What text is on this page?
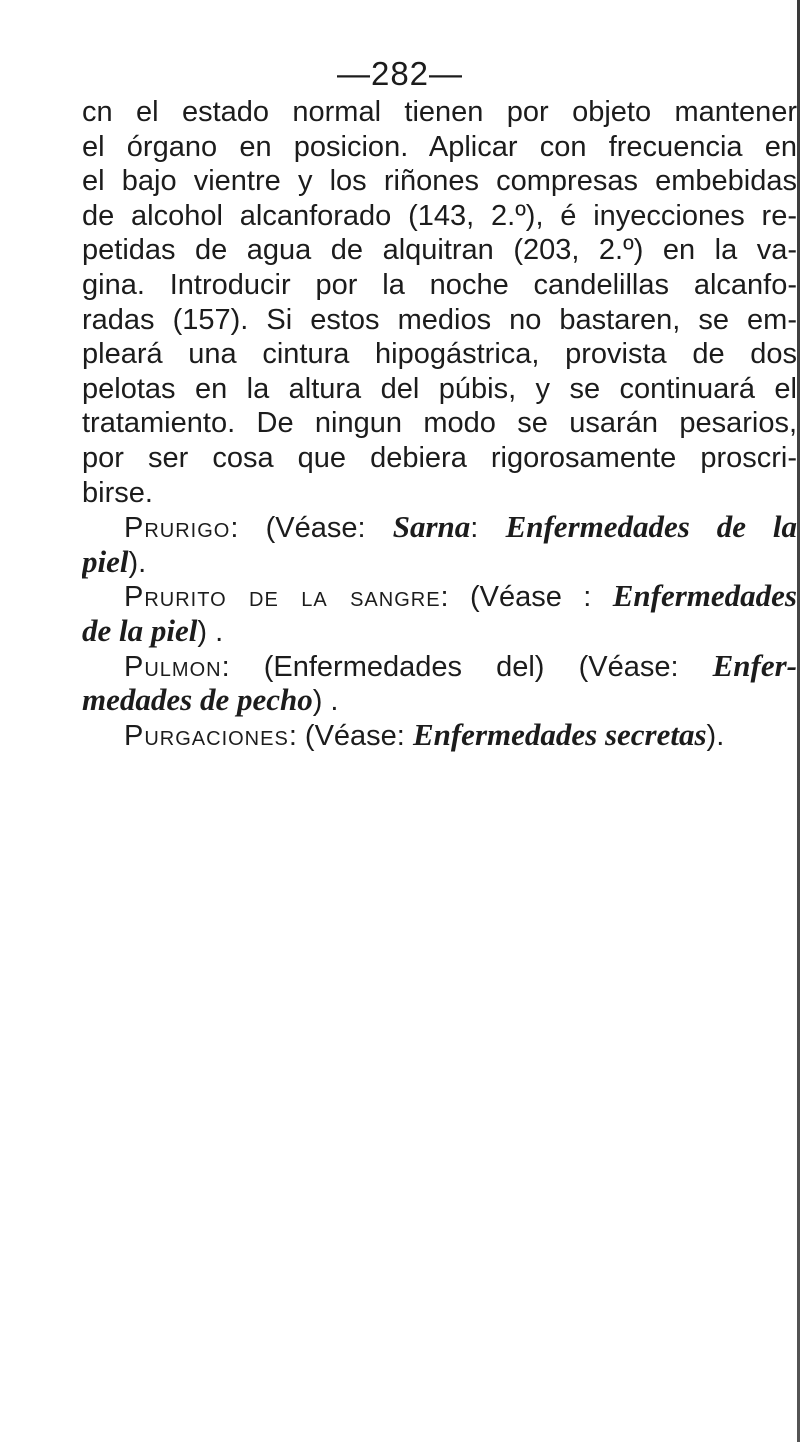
—282—
cn el estado normal tienen por objeto mantener
el órgano en posicion. Aplicar con frecuencia en
el bajo vientre y los riñones compresas embebidas
de alcohol alcanforado (143, 2.º), é inyecciones re-
petidas de agua de alquitran (203, 2.º) en la va-
gina. Introducir por la noche candelillas alcanfo-
radas (157). Si estos medios no bastaren, se em-
pleará una cintura hipogástrica, provista de dos
pelotas en la altura del púbis, y se continuará el
tratamiento. De ningun modo se usarán pesarios,
por ser cosa que debiera rigorosamente proscri-
birse.
Prurigo: (Véase: Sarna: Enfermedades de la
piel).
Prurito de la sangre: (Véase : Enfermedades
de la piel) .
Pulmon: (Enfermedades del) (Véase: Enfer-
medades de pecho) .
Purgaciones: (Véase: Enfermedades secretas).
